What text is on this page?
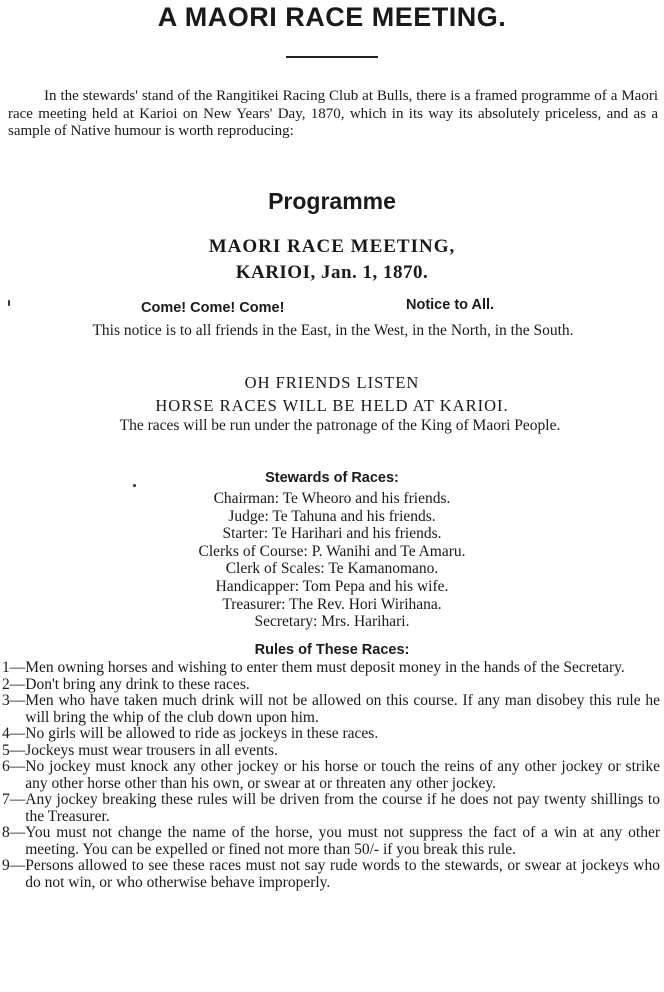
A MAORI RACE MEETING.
In the stewards' stand of the Rangitikei Racing Club at Bulls, there is a framed programme of a Maori race meeting held at Karioi on New Years' Day, 1870, which in its way its absolutely priceless, and as a sample of Native humour is worth reproducing:
Programme
MAORI RACE MEETING,
KARIOI, Jan. 1, 1870.
Come! Come! Come!	Notice to All.
This notice is to all friends in the East, in the West, in the North, in the South.
OH FRIENDS LISTEN
HORSE RACES WILL BE HELD AT KARIOI.
The races will be run under the patronage of the King of Maori People.
Stewards of Races:
Chairman: Te Wheoro and his friends.
Judge: Te Tahuna and his friends.
Starter: Te Harihari and his friends.
Clerks of Course: P. Wanihi and Te Amaru.
Clerk of Scales: Te Kamanomano.
Handicapper: Tom Pepa and his wife.
Treasurer: The Rev. Hori Wirihana.
Secretary: Mrs. Harihari.
Rules of These Races:
1— Men owning horses and wishing to enter them must deposit money in the hands of the Secretary.
2— Don't bring any drink to these races.
3— Men who have taken much drink will not be allowed on this course. If any man disobey this rule he will bring the whip of the club down upon him.
4— No girls will be allowed to ride as jockeys in these races.
5— Jockeys must wear trousers in all events.
6— No jockey must knock any other jockey or his horse or touch the reins of any other jockey or strike any other horse other than his own, or swear at or threaten any other jockey.
7— Any jockey breaking these rules will be driven from the course if he does not pay twenty shillings to the Treasurer.
8— You must not change the name of the horse, you must not suppress the fact of a win at any other meeting. You can be expelled or fined not more than 50/- if you break this rule.
9— Persons allowed to see these races must not say rude words to the stewards, or swear at jockeys who do not win, or who otherwise behave improperly.
